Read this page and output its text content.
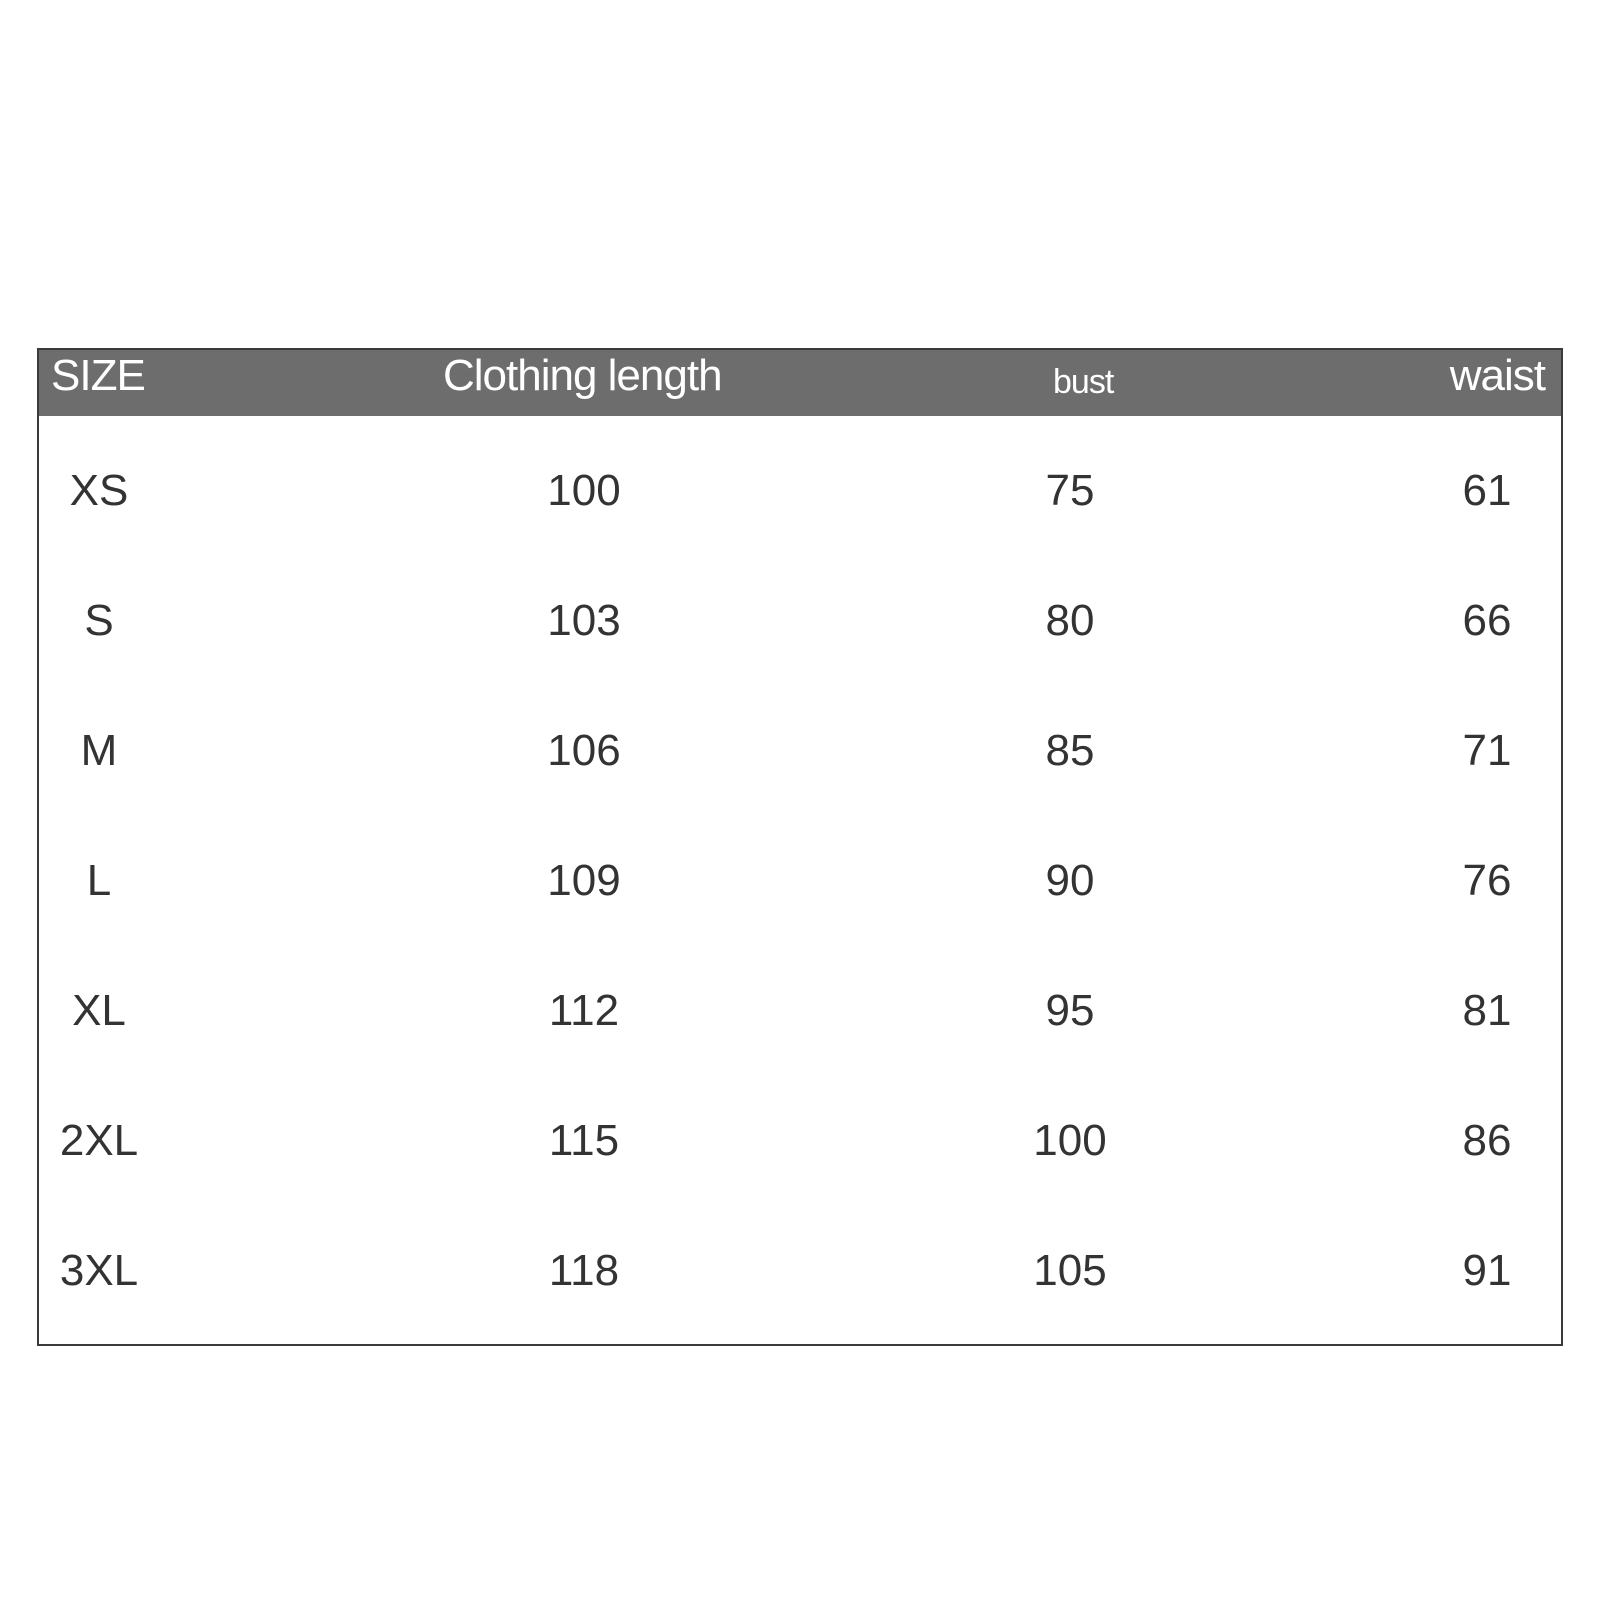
SIZE	Clothing length	bust	waist
XS	100	75	61
S	103	80	66
M	106	85	71
L	109	90	76
XL	112	95	81
2XL	115	100	86
3XL	118	105	91
